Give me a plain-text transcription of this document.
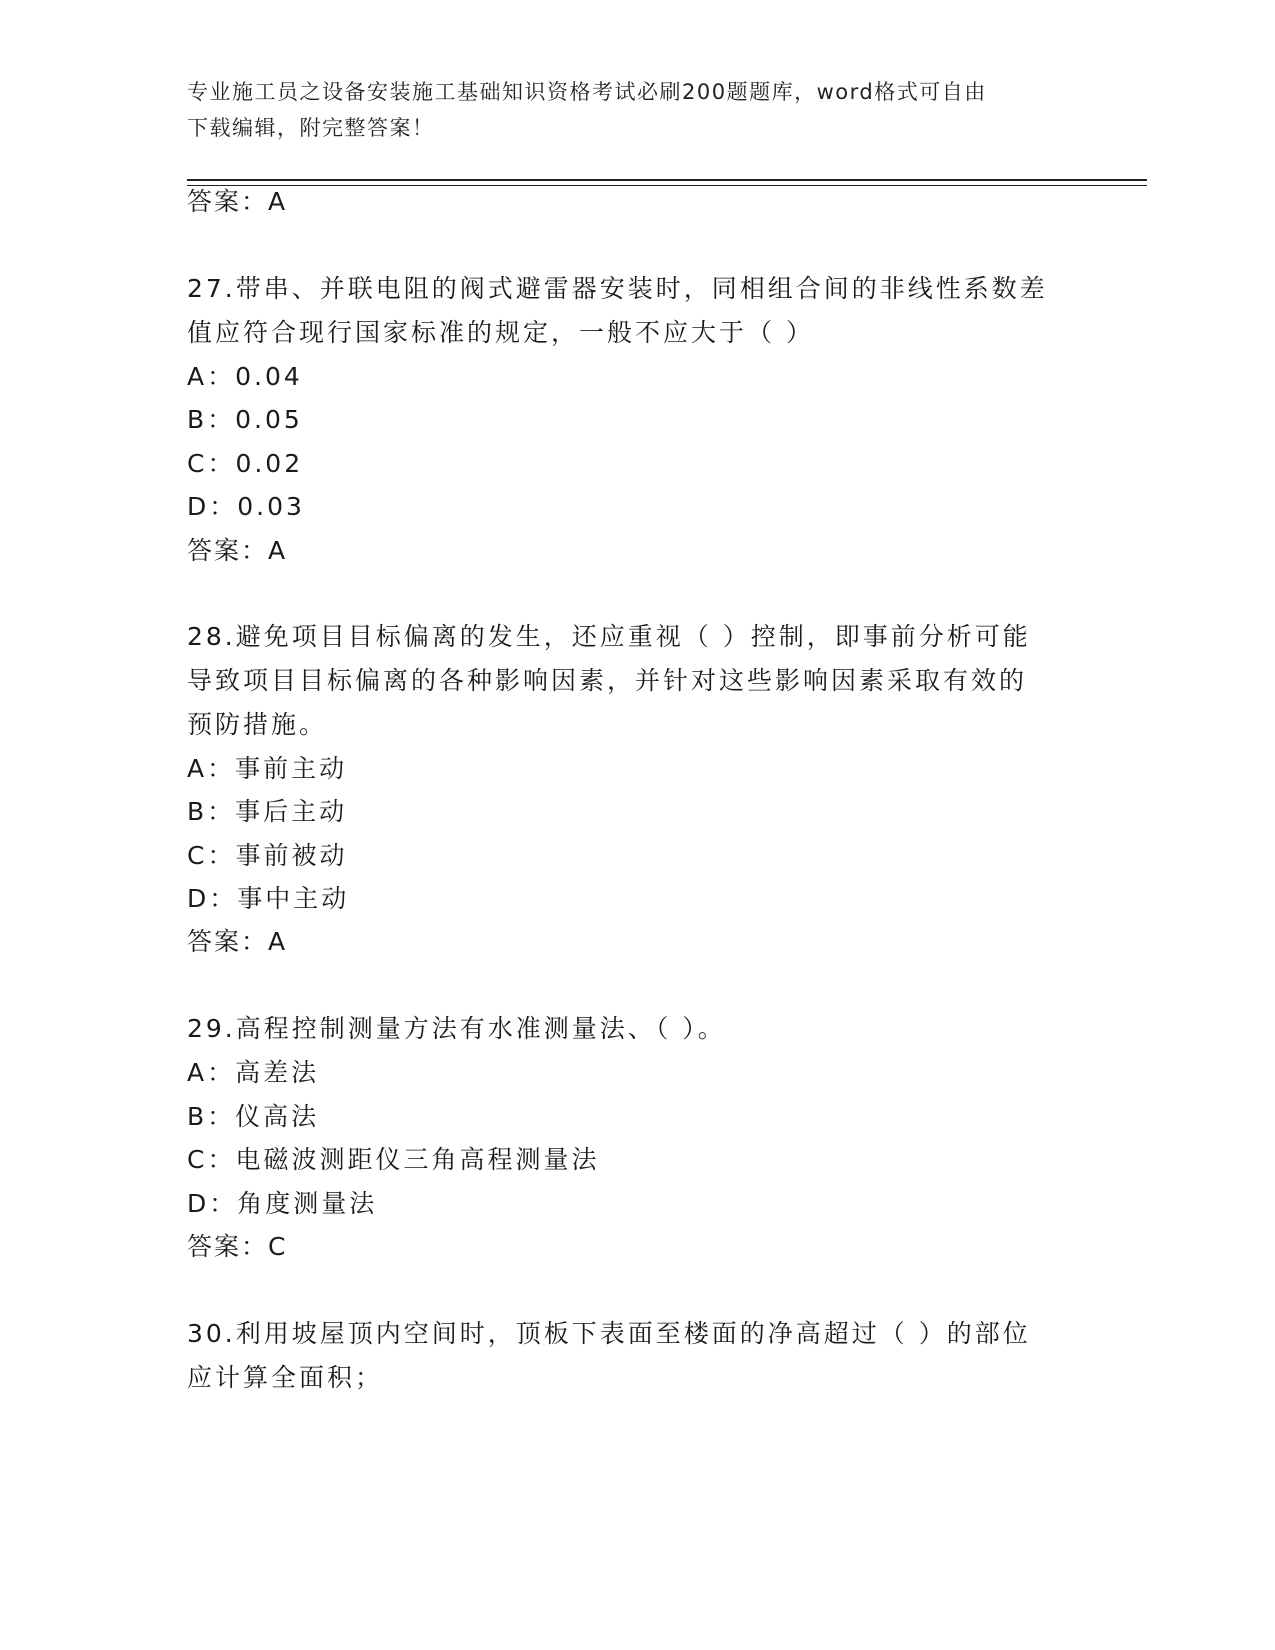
专业施工员之设备安装施工基础知识资格考试必刷200题题库，word格式可自由
下载编辑，附完整答案！
答案：A
27.带串、并联电阻的阀式避雷器安装时，同相组合间的非线性系数差
值应符合现行国家标准的规定，一般不应大于（ ）
A：0.04
B：0.05
C：0.02
D：0.03
答案：A
28.避免项目目标偏离的发生，还应重视（ ）控制，即事前分析可能
导致项目目标偏离的各种影响因素，并针对这些影响因素采取有效的
预防措施。
A：事前主动
B：事后主动
C：事前被动
D：事中主动
答案：A
29.高程控制测量方法有水准测量法、（ ）。
A：高差法
B：仪高法
C：电磁波测距仪三角高程测量法
D：角度测量法
答案：C
30.利用坡屋顶内空间时，顶板下表面至楼面的净高超过（ ）的部位
应计算全面积；
